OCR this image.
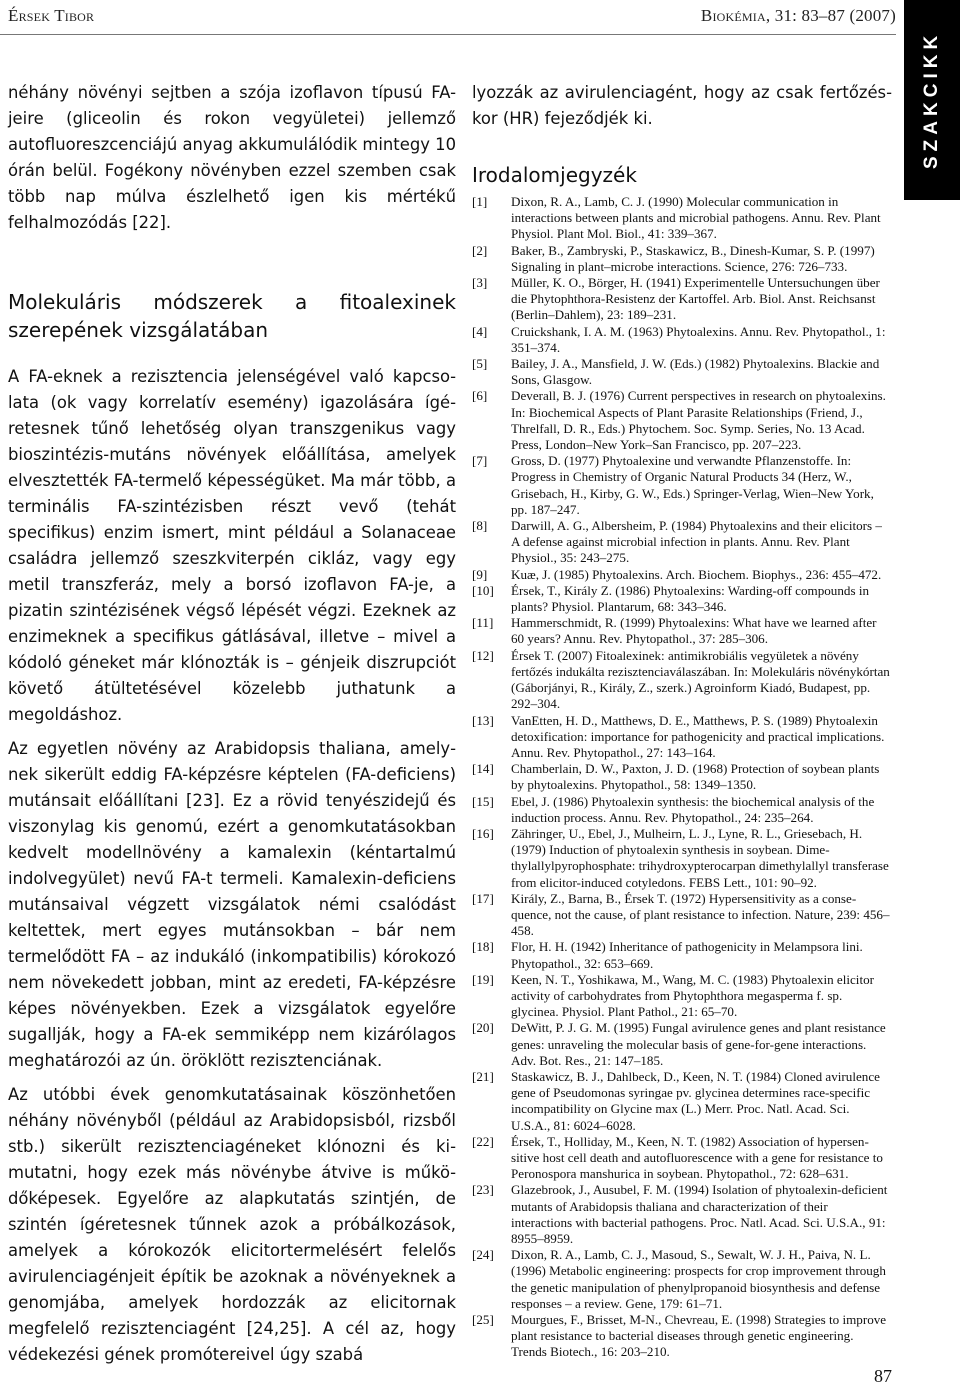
Érsek Tibor	Biokémia, 31: 83–87 (2007)
SZAKCIKK

néhány növényi sejtben a szója izoflavon típusú FA-jeire (gliceolin és rokon vegyületei) jellemző autofluoreszcenciájú anyag akkumulálódik mintegy 10 órán belül. Fogékony növényben ezzel szemben csak több nap múlva észlelhető igen kis mértékű felhalmozódás [22].

Molekuláris módszerek a fitoalexinek szerepének vizsgálatában

A FA-eknek a rezisztencia jelenségével való kapcsolata (ok vagy korrelatív esemény) igazolására ígéretesnek tűnő lehetőség olyan transzgenikus vagy bioszintézis-mutáns növények előállítása, amelyek elvesztették FA-termelő képességüket. Ma már több, a terminális FA-szintézisben részt vevő (tehát specifikus) enzim ismert, mint például a Solanaceae családra jellemző szeszkviterpén cikláz, vagy egy metil transzferáz, mely a borsó izoflavon FA-je, a pizatin szintézisének végső lépését végzi. Ezeknek az enzimeknek a specifikus gátlásával, illetve – mivel a kódoló géneket már klónozták is – génjeik diszrupciót követő átültetésével közelebb juthatunk a megoldáshoz.

Az egyetlen növény az Arabidopsis thaliana, amelynek sikerült eddig FA-képzésre képtelen (FA-deficiens) mutánsait előállítani [23]. Ez a rövid tenyészidejű és viszonylag kis genomú, ezért a genomkutatásokban kedvelt modellnövény a kamalexin (kéntartalmú indolvegyület) nevű FA-t termeli. Kamalexin-deficiens mutánsaival végzett vizsgálatok némi csalódást keltettek, mert egyes mutánsokban – bár nem termelődött FA – az indukáló (inkompatibilis) kórokozó nem növekedett jobban, mint az eredeti, FA-képzésre képes növényekben. Ezek a vizsgálatok egyelőre sugallják, hogy a FA-ek semmiképp nem kizárólagos meghatározói az ún. öröklött rezisztenciának.

Az utóbbi évek genomkutatásainak köszönhetően néhány növényből (például az Arabidopsisból, rizsből stb.) sikerült rezisztenciagéneket klónozni és kimutatni, hogy ezek más növénybe átvive is működőképesek. Egyelőre az alapkutatás szintjén, de szintén ígéretesnek tűnnek azok a próbálkozások, amelyek a kórokozók elicitortermelésért felelős avirulenciagénjeit építik be azoknak a növényeknek a genomjába, amelyek hordozzák az elicitornak megfelelő rezisztenciagént [24,25]. A cél az, hogy védekezési gének promótereivel úgy szabá

lyozzák az avirulenciagént, hogy az csak fertőzéskor (HR) fejeződjék ki.

Irodalomjegyzék
[1] Dixon, R. A., Lamb, C. J. (1990) Molecular communication in interactions between plants and microbial pathogens. Annu. Rev. Plant Physiol. Plant Mol. Biol., 41: 339–367.
[2] Baker, B., Zambryski, P., Staskawicz, B., Dinesh-Kumar, S. P. (1997) Signaling in plant–microbe interactions. Science, 276: 726–733.
[3] Müller, K. O., Börger, H. (1941) Experimentelle Untersuchungen über die Phytophthora-Resistenz der Kartoffel. Arb. Biol. Anst. Reichsanst (Berlin–Dahlem), 23: 189–231.
[4] Cruickshank, I. A. M. (1963) Phytoalexins. Annu. Rev. Phytopathol., 1: 351–374.
[5] Bailey, J. A., Mansfield, J. W. (Eds.) (1982) Phytoalexins. Blackie and Sons, Glasgow.
[6] Deverall, B. J. (1976) Current perspectives in research on phytoalexins. In: Biochemical Aspects of Plant Parasite Relationships (Friend, J., Threlfall, D. R., Eds.) Phytochem. Soc. Symp. Series, No. 13 Acad. Press, London–New York–San Francisco, pp. 207–223.
[7] Gross, D. (1977) Phytoalexine und verwandte Pflanzenstoffe. In: Progress in Chemistry of Organic Natural Products 34 (Herz, W., Grisebach, H., Kirby, G. W., Eds.) Springer-Verlag, Wien–New York, pp. 187–247.
[8] Darwill, A. G., Albersheim, P. (1984) Phytoalexins and their elicitors – A defense against microbial infection in plants. Annu. Rev. Plant Physiol., 35: 243–275.
[9] Kuæ, J. (1985) Phytoalexins. Arch. Biochem. Biophys., 236: 455–472.
[10] Érsek, T., Király Z. (1986) Phytoalexins: Warding-off compounds in plants? Physiol. Plantarum, 68: 343–346.
[11] Hammerschmidt, R. (1999) Phytoalexins: What have we learned after 60 years? Annu. Rev. Phytopathol., 37: 285–306.
[12] Érsek T. (2007) Fitoalexinek: antimikrobiális vegyületek a növény fertőzés indukálta rezisztenciaválaszában. In: Molekuláris növénykórtan (Gáborjányi, R., Király, Z., szerk.) Agroinform Kiadó, Budapest, pp. 292–304.
[13] VanEtten, H. D., Matthews, D. E., Matthews, P. S. (1989) Phytoalexin detoxification: importance for pathogenicity and practical implications. Annu. Rev. Phytopathol., 27: 143–164.
[14] Chamberlain, D. W., Paxton, J. D. (1968) Protection of soybean plants by phytoalexins. Phytopathol., 58: 1349–1350.
[15] Ebel, J. (1986) Phytoalexin synthesis: the biochemical analysis of the induction process. Annu. Rev. Phytopathol., 24: 235–264.
[16] Zähringer, U., Ebel, J., Mulheirn, L. J., Lyne, R. L., Griesebach, H. (1979) Induction of phytoalexin synthesis in soybean. Dimethylallylpyrophosphate: trihydroxypterocarpan dimethylallyl transferase from elicitor-induced cotyledons. FEBS Lett., 101: 90–92.
[17] Király, Z., Barna, B., Érsek T. (1972) Hypersensitivity as a consequence, not the cause, of plant resistance to infection. Nature, 239: 456–458.
[18] Flor, H. H. (1942) Inheritance of pathogenicity in Melampsora lini. Phytopathol., 32: 653–669.
[19] Keen, N. T., Yoshikawa, M., Wang, M. C. (1983) Phytoalexin elicitor activity of carbohydrates from Phytophthora megasperma f. sp. glycinea. Physiol. Plant Pathol., 21: 65–70.
[20] DeWitt, P. J. G. M. (1995) Fungal avirulence genes and plant resistance genes: unraveling the molecular basis of gene-for-gene interactions. Adv. Bot. Res., 21: 147–185.
[21] Staskawicz, B. J., Dahlbeck, D., Keen, N. T. (1984) Cloned avirulence gene of Pseudomonas syringae pv. glycinea determines race-specific incompatibility on Glycine max (L.) Merr. Proc. Natl. Acad. Sci. U.S.A., 81: 6024–6028.
[22] Érsek, T., Holliday, M., Keen, N. T. (1982) Association of hypersensitive host cell death and autofluorescence with a gene for resistance to Peronospora manshurica in soybean. Phytopathol., 72: 628–631.
[23] Glazebrook, J., Ausubel, F. M. (1994) Isolation of phytoalexin-deficient mutants of Arabidopsis thaliana and characterization of their interactions with bacterial pathogens. Proc. Natl. Acad. Sci. U.S.A., 91: 8955–8959.
[24] Dixon, R. A., Lamb, C. J., Masoud, S., Sewalt, W. J. H., Paiva, N. L. (1996) Metabolic engineering: prospects for crop improvement through the genetic manipulation of phenylpropanoid biosynthesis and defense responses – a review. Gene, 179: 61–71.
[25] Mourgues, F., Brisset, M-N., Chevreau, E. (1998) Strategies to improve plant resistance to bacterial diseases through genetic engineering. Trends Biotech., 16: 203–210.
87
